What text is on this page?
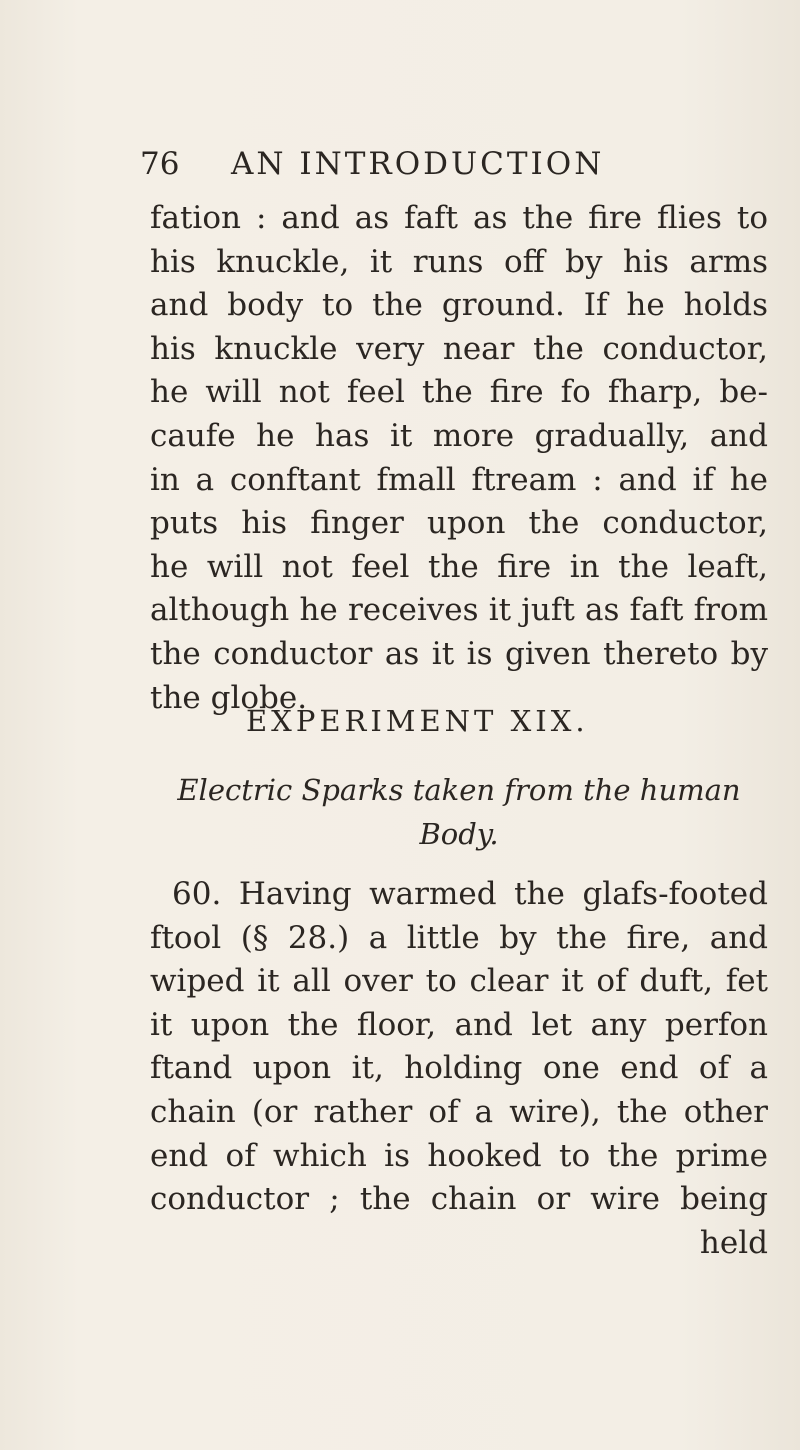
76 AN INTRODUCTION
fation : and as faft as the fire flies to
his knuckle, it runs off by his arms
and body to the ground. If he holds
his knuckle very near the conductor,
he will not feel the fire fo fharp, be-
caufe he has it more gradually, and
in a conftant fmall ftream : and if he
puts his finger upon the conductor,
he will not feel the fire in the leaft,
although he receives it juft as faft from
the conductor as it is given thereto by
the globe.
EXPERIMENT XIX.
Electric Sparks taken from the human
Body.
60. Having warmed the glafs-footed
ftool (§ 28.) a little by the fire, and
wiped it all over to clear it of duft, fet
it upon the floor, and let any perfon
ftand upon it, holding one end of a
chain (or rather of a wire), the other
end of which is hooked to the prime
conductor ; the chain or wire being
held
